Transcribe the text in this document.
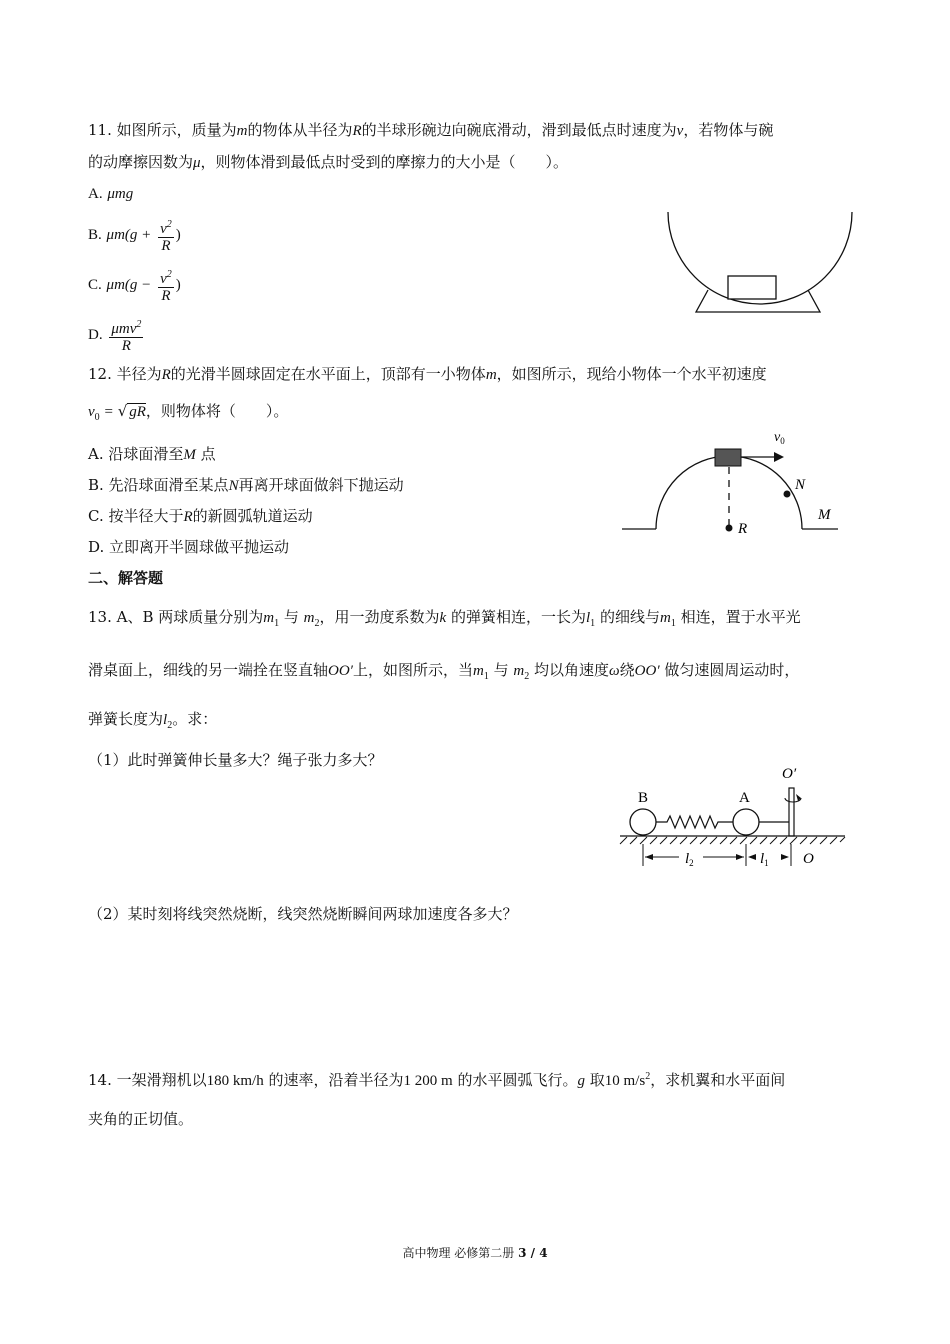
11. 如图所示，质量为m的物体从半径为R的半球形碗边向碗底滑动，滑到最低点时速度为v，若物体与碗
的动摩擦因数为μ，则物体滑到最低点时受到的摩擦力的大小是（　　）。
A. μmg
B. $\mu m(g + \frac{v^2}{R}$ )
C. $\mu m(g - \frac{v^2}{R}$ )
D. $\frac{\mu mv^2}{R}$
12. 半径为R的光滑半圆球固定在水平面上，顶部有一小物体m，如图所示，现给小物体一个水平初速度
$v_0$ = √ gR，则物体将（　　）。
A. 沿球面滑至M 点
B. 先沿球面滑至某点N再离开球面做斜下抛运动
C. 按半径大于R的新圆弧轨道运动
D. 立即离开半圆球做平抛运动
$v_0$
R
N
M
二、解答题
13. A、B 两球质量分别为$m_1$ 与 $m_2$，用一劲度系数为k 的弹簧相连，一长为$l_1$ 的细线与$m_1$ 相连，置于水平光
滑桌面上，细线的另一端拴在竖直轴OO′上，如图所示，当$m_1$ 与 $m_2$ 均以角速度ω绕OO′ 做匀速圆周运动时，
弹簧长度为$l_2$。求：
（1）此时弹簧伸长量多大？绳子张力多大？
B	A
O′
$l_2$	$l_1$ O
（2）某时刻将线突然烧断，线突然烧断瞬间两球加速度各多大？
14. 一架滑翔机以180 km/h 的速率，沿着半径为1 200 m 的水平圆弧飞行。g 取10 $m/s^2$，求机翼和水平面间
夹角的正切值。
高中物理 必修第二册 3 / 4
